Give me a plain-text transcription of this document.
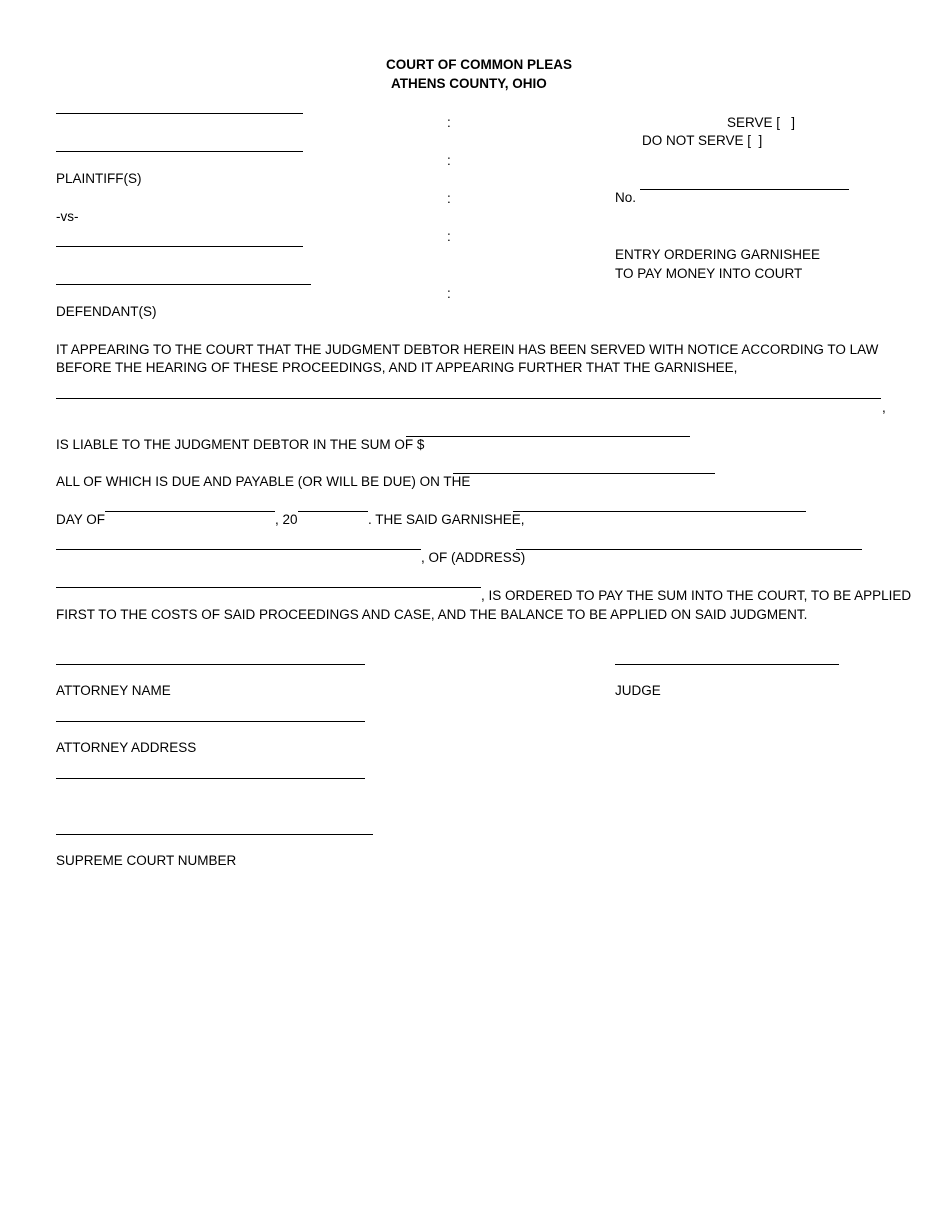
COURT OF COMMON PLEAS
ATHENS COUNTY, OHIO
PLAINTIFF(S)
-vs-
DEFENDANT(S)
:
:
:
:
:
SERVE [   ]
DO NOT SERVE [  ]
No.
ENTRY ORDERING GARNISHEE
TO PAY MONEY INTO COURT

IT APPEARING TO THE COURT THAT THE JUDGMENT DEBTOR HEREIN HAS BEEN SERVED WITH NOTICE ACCORDING TO LAW BEFORE THE HEARING OF THESE PROCEEDINGS, AND IT APPEARING FURTHER THAT THE GARNISHEE,

,
IS LIABLE TO THE JUDGMENT DEBTOR IN THE SUM OF $
ALL OF WHICH IS DUE AND PAYABLE (OR WILL BE DUE) ON THE
DAY OF	, 20	. THE SAID GARNISHEE,
, OF (ADDRESS)
, IS ORDERED TO PAY THE SUM INTO THE COURT, TO BE APPLIED
FIRST TO THE COSTS OF SAID PROCEEDINGS AND CASE, AND THE BALANCE TO BE APPLIED ON SAID JUDGMENT.
ATTORNEY NAME	JUDGE
ATTORNEY ADDRESS
SUPREME COURT NUMBER
